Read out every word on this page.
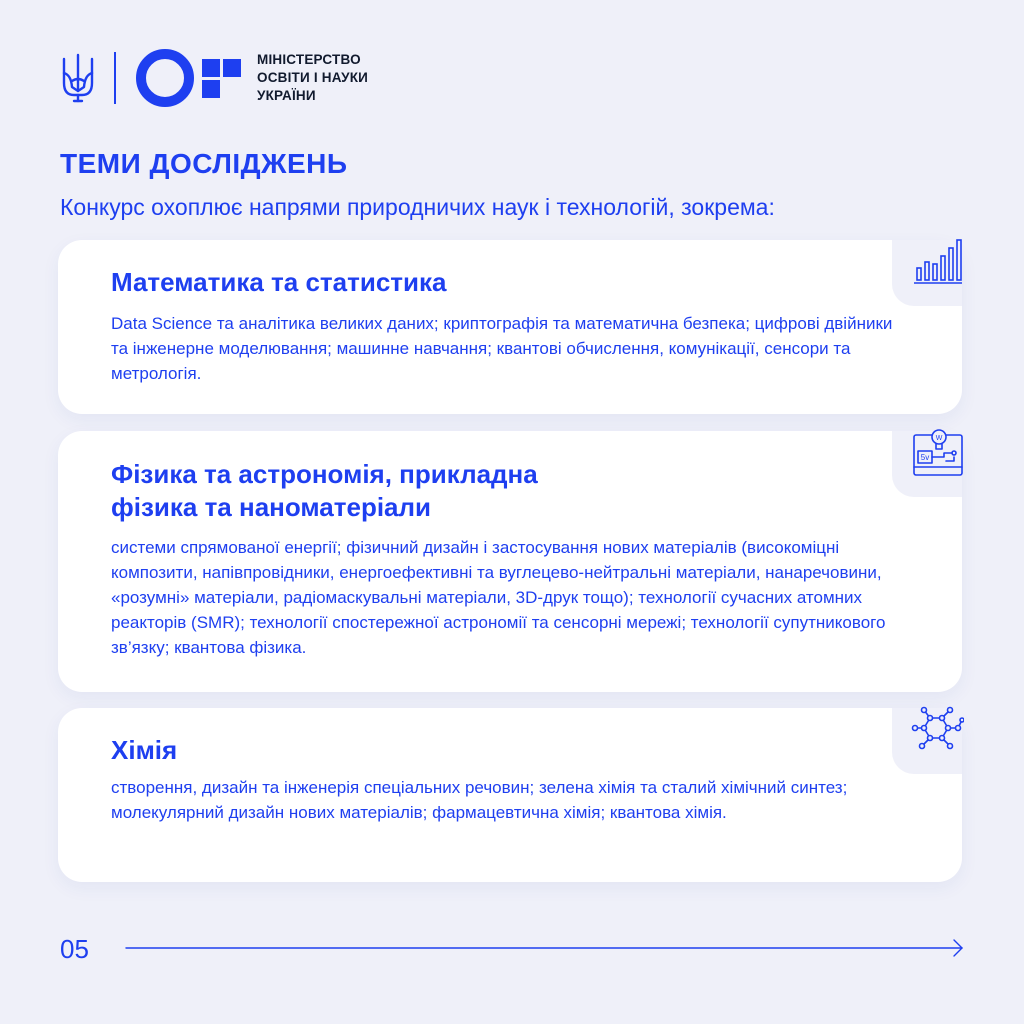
МІНІСТЕРСТВО
ОСВІТИ І НАУКИ
УКРАЇНИ
ТЕМИ ДОСЛІДЖЕНЬ

Конкурс охоплює напрями природничих наук і технологій, зокрема:

Математика та статистика

Data Science та аналітика великих даних; криптографія та математична безпека; цифрові двійники та інженерне моделювання; машинне навчання; квантові обчислення, комунікації, сенсори та метрологія.

W
5v
Фізика та астрономія, прикладна
фізика та наноматеріали

системи спрямованої енергії; фізичний дизайн і застосування нових матеріалів (високоміцні композити, напівпровідники, енергоефективні та вуглецево-нейтральні матеріали, нанаречовини, «розумні» матеріали, радіомаскувальні матеріали, 3D-друк тощо); технології сучасних атомних реакторів (SMR); технології спостережної астрономії та сенсорні мережі; технології супутникового зв’язку; квантова фізика.

Хімія

створення, дизайн та інженерія спеціальних речовин; зелена хімія та сталий хімічний синтез; молекулярний дизайн нових матеріалів; фармацевтична хімія; квантова хімія.

05
